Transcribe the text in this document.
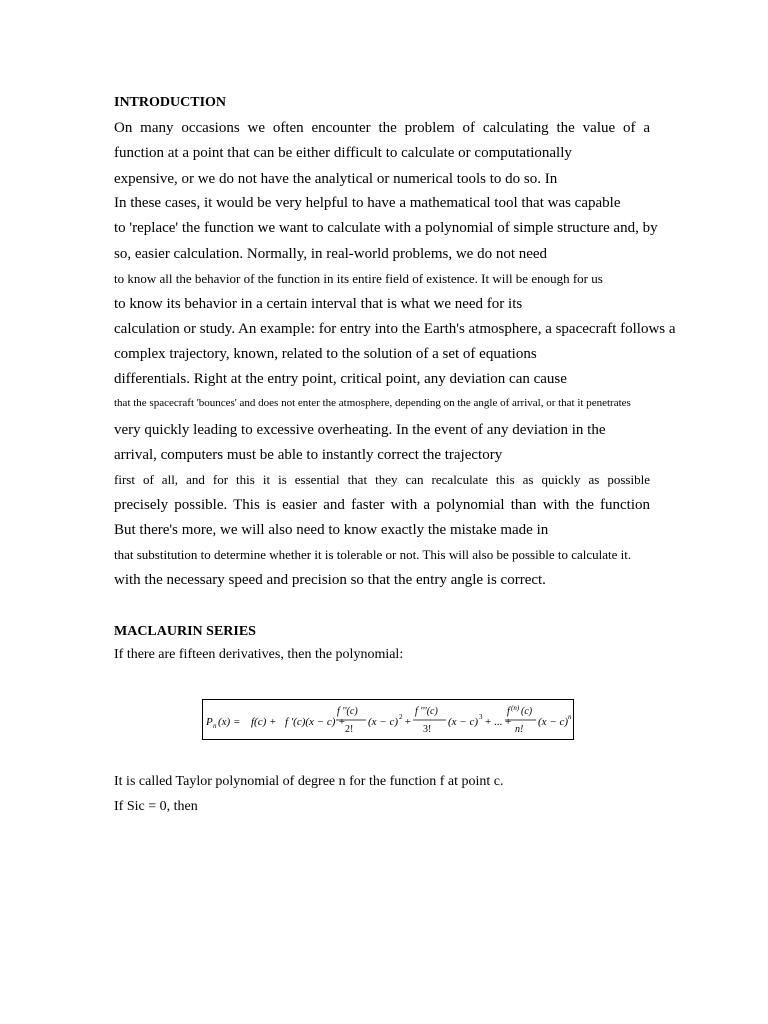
INTRODUCTION

On many occasions we often encounter the problem of calculating the value of a

function at a point that can be either difficult to calculate or computationally

expensive, or we do not have the analytical or numerical tools to do so. In

In these cases, it would be very helpful to have a mathematical tool that was capable

to 'replace' the function we want to calculate with a polynomial of simple structure and, by

so, easier calculation. Normally, in real-world problems, we do not need

to know all the behavior of the function in its entire field of existence. It will be enough for us

to know its behavior in a certain interval that is what we need for its

calculation or study. An example: for entry into the Earth's atmosphere, a spacecraft follows a

complex trajectory, known, related to the solution of a set of equations

differentials. Right at the entry point, critical point, any deviation can cause

that the spacecraft 'bounces' and does not enter the atmosphere, depending on the angle of arrival, or that it penetrates

very quickly leading to excessive overheating. In the event of any deviation in the

arrival, computers must be able to instantly correct the trajectory

first of all, and for this it is essential that they can recalculate this as quickly as possible

precisely possible. This is easier and faster with a polynomial than with the function

But there's more, we will also need to know exactly the mistake made in

that substitution to determine whether it is tolerable or not. This will also be possible to calculate it.

with the necessary speed and precision so that the entry angle is correct.

MACLAURIN SERIES

If there are fifteen derivatives, then the polynomial:

P n (x) = f(c) + f '(c)(x − c) +
f ''(c)
2!
(x − c) 2 +
f '''(c)
3!
(x − c) 3 + ... +
f (n) (c)
n!
(x − c) n

It is called Taylor polynomial of degree n for the function f at point c.

If Sic = 0, then
